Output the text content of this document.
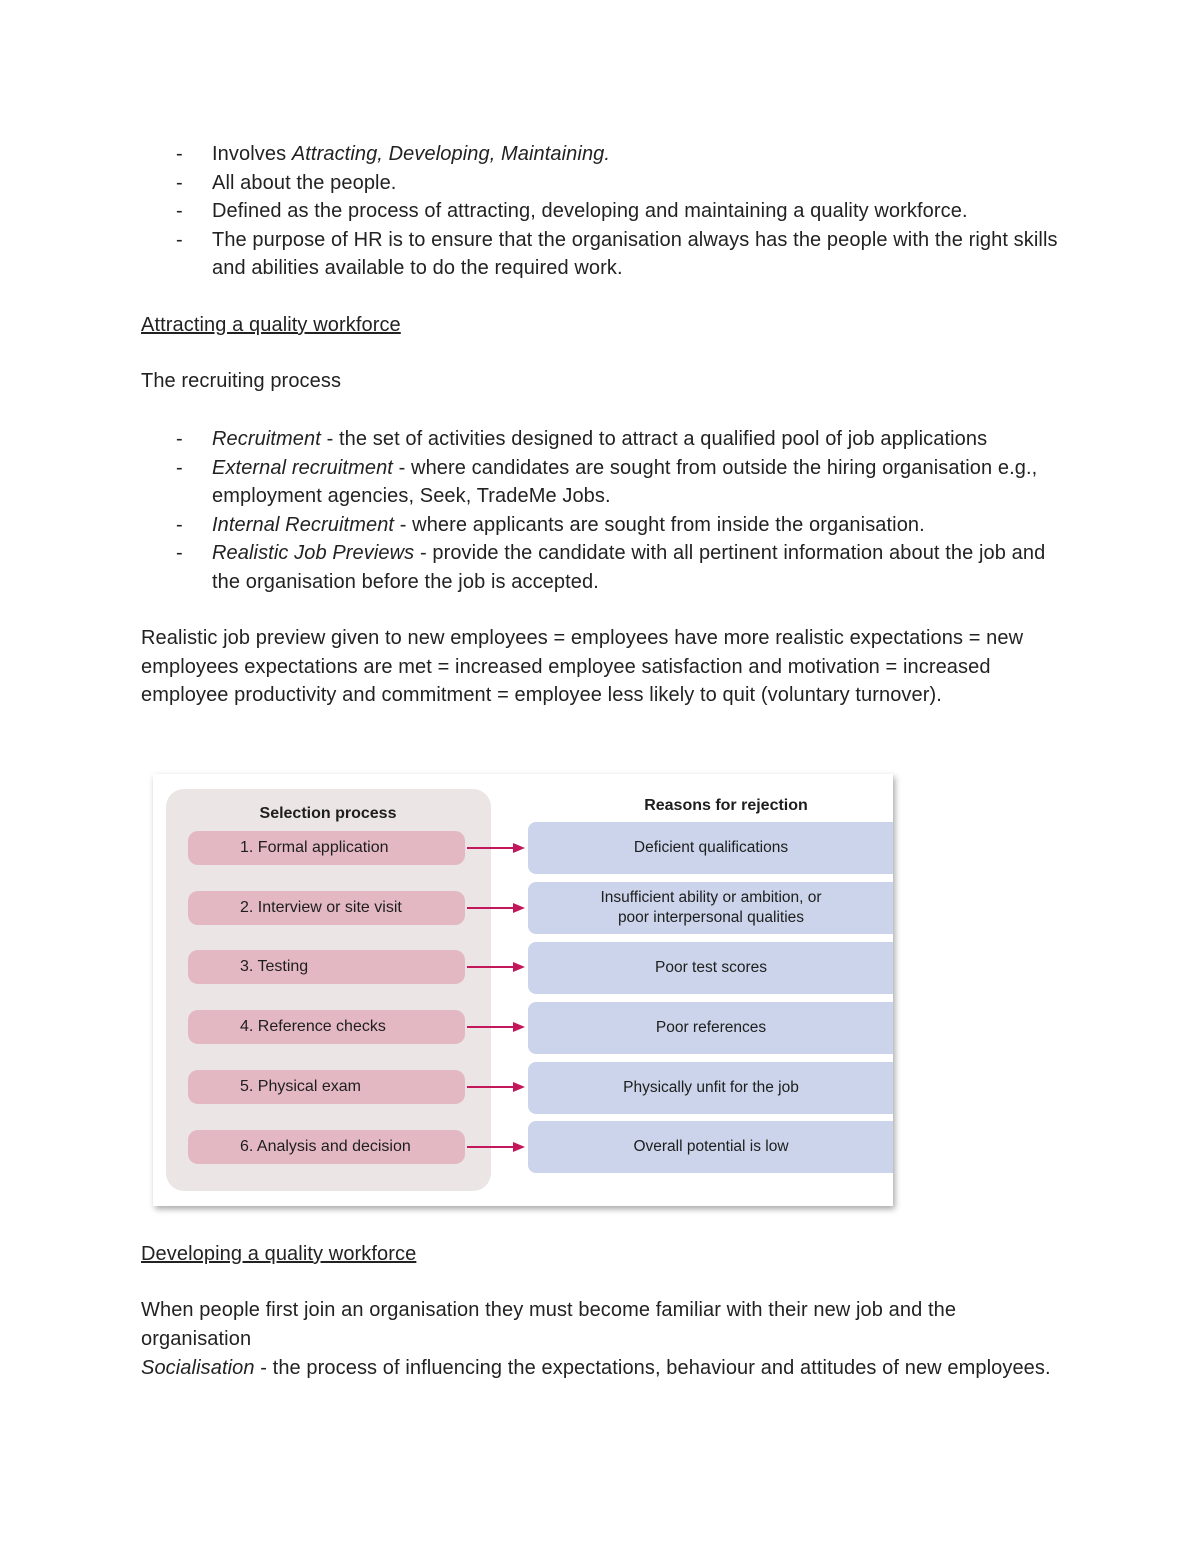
- Involves Attracting, Developing, Maintaining.
- All about the people.
- Defined as the process of attracting, developing and maintaining a quality workforce.
- The purpose of HR is to ensure that the organisation always has the people with the right skills and abilities available to do the required work.

Attracting a quality workforce

The recruiting process

- Recruitment - the set of activities designed to attract a qualified pool of job applications
- External recruitment - where candidates are sought from outside the hiring organisation e.g., employment agencies, Seek, TradeMe Jobs.
- Internal Recruitment - where applicants are sought from inside the organisation.
- Realistic Job Previews - provide the candidate with all pertinent information about the job and the organisation before the job is accepted.

Realistic job preview given to new employees = employees have more realistic expectations = new employees expectations are met = increased employee satisfaction and motivation = increased employee productivity and commitment = employee less likely to quit (voluntary turnover).

Selection process	Reasons for rejection
1. Formal application
2. Interview or site visit
3. Testing
4. Reference checks
5. Physical exam
6. Analysis and decision
Deficient qualifications
Insufficient ability or ambition, or
poor interpersonal qualities
Poor test scores
Poor references
Physically unfit for the job
Overall potential is low

Developing a quality workforce

When people first join an organisation they must become familiar with their new job and the organisation

Socialisation - the process of influencing the expectations, behaviour and attitudes of new employees.
